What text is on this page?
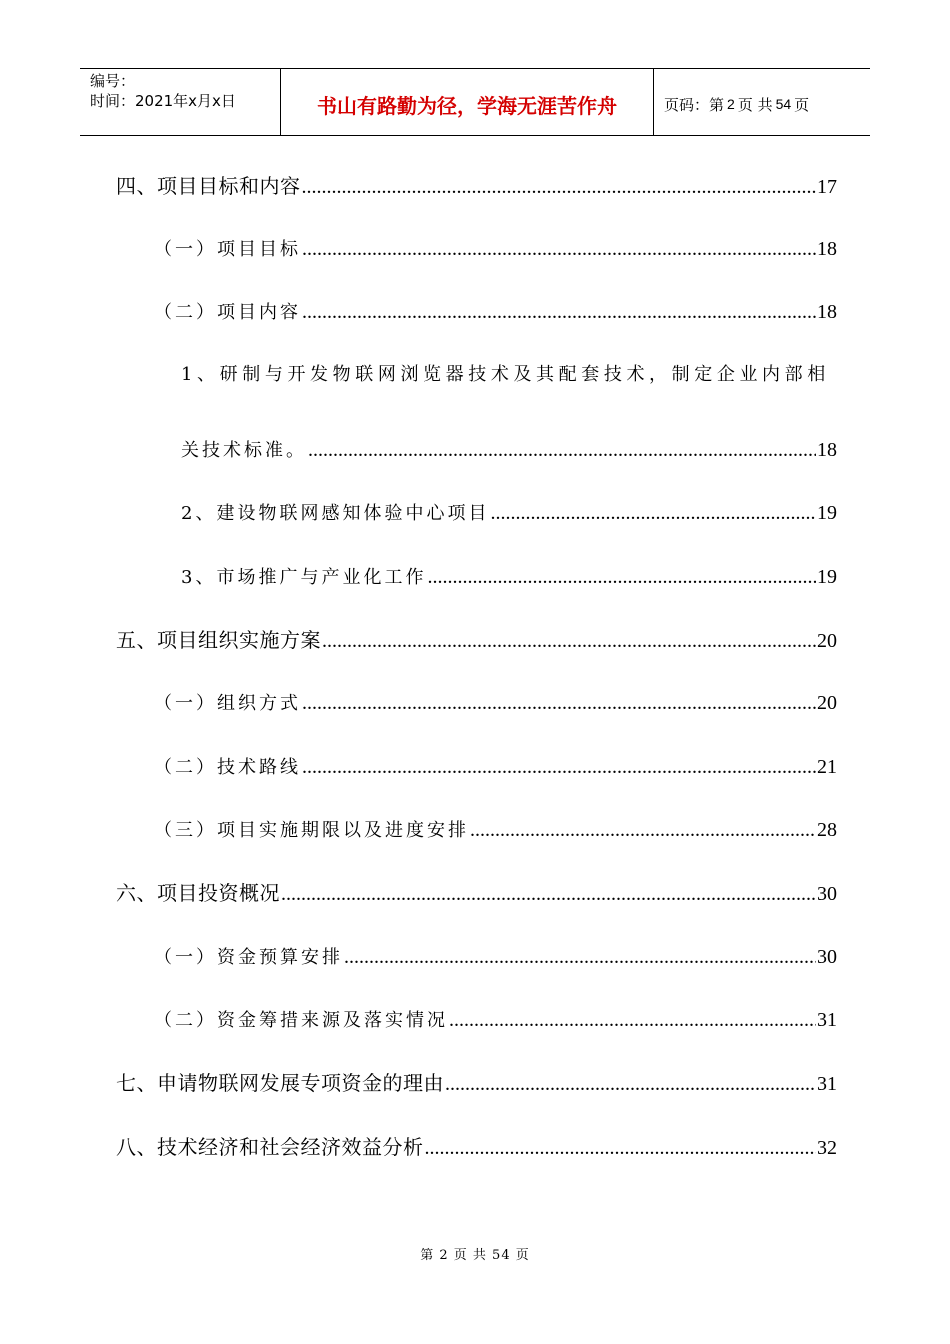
编号：
时间：2021年x月x日	书山有路勤为径，学海无涯苦作舟	页码：第 2 页 共 54 页
四、项目目标和内容 .....	17
（一）项目目标 .....	18
（二）项目内容 .....	18
1、研制与开发物联网浏览器技术及其配套技术，制定企业内部相
关技术标准。 .....	18
2、建设物联网感知体验中心项目 .....	19
3、市场推广与产业化工作 .....	19
五、项目组织实施方案 .....	20
（一）组织方式 .....	20
（二）技术路线 .....	21
（三）项目实施期限以及进度安排 .....	28
六、项目投资概况 .....	30
（一）资金预算安排 .....	30
（二）资金筹措来源及落实情况 .....	31
七、申请物联网发展专项资金的理由 .....	31
八、技术经济和社会经济效益分析 .....	32
第 2 页 共 54 页
